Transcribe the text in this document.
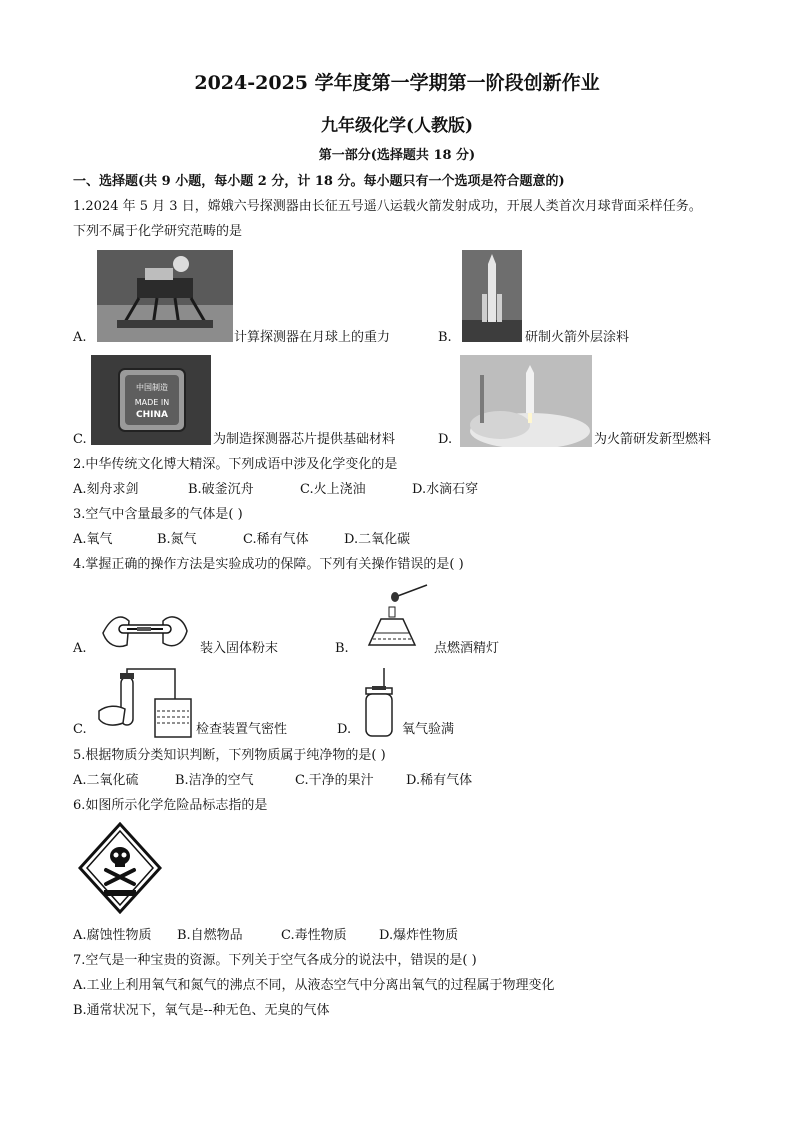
2024-2025 学年度第一学期第一阶段创新作业
九年级化学(人教版)
第一部分(选择题共 18 分)
一、选择题(共 9 小题，每小题 2 分，计 18 分。每小题只有一个选项是符合题意的)
1.2024 年 5 月 3 日，嫦娥六号探测器由长征五号遥八运载火箭发射成功，开展人类首次月球背面采样任务。
下列不属于化学研究范畴的是
A.	计算探测器在月球上的重力	B.	研制火箭外层涂料
中国制造
MADE IN
CHINA
C.	为制造探测器芯片提供基础材料	D.	为火箭研发新型燃料
2.中华传统文化博大精深。下列成语中涉及化学变化的是
A.刻舟求剑	B.破釜沉舟	C.火上浇油	D.水滴石穿
3.空气中含量最多的气体是( )
A.氧气	B.氮气	C.稀有气体	D.二氧化碳
4.掌握正确的操作方法是实验成功的保障。下列有关操作错误的是( )
A.	装入固体粉末	B.	点燃酒精灯
C.	检查装置气密性	D.	氧气验满
5.根据物质分类知识判断，下列物质属于纯净物的是( )
A.二氧化硫	B.洁净的空气	C.干净的果汁 D.稀有气体
6.如图所示化学危险品标志指的是
A.腐蚀性物质 B.自燃物品	C.毒性物质 D.爆炸性物质
7.空气是一种宝贵的资源。下列关于空气各成分的说法中，错误的是( )
A.工业上利用氧气和氮气的沸点不同，从液态空气中分离出氧气的过程属于物理变化
B.通常状况下，氧气是--种无色、无臭的气体
